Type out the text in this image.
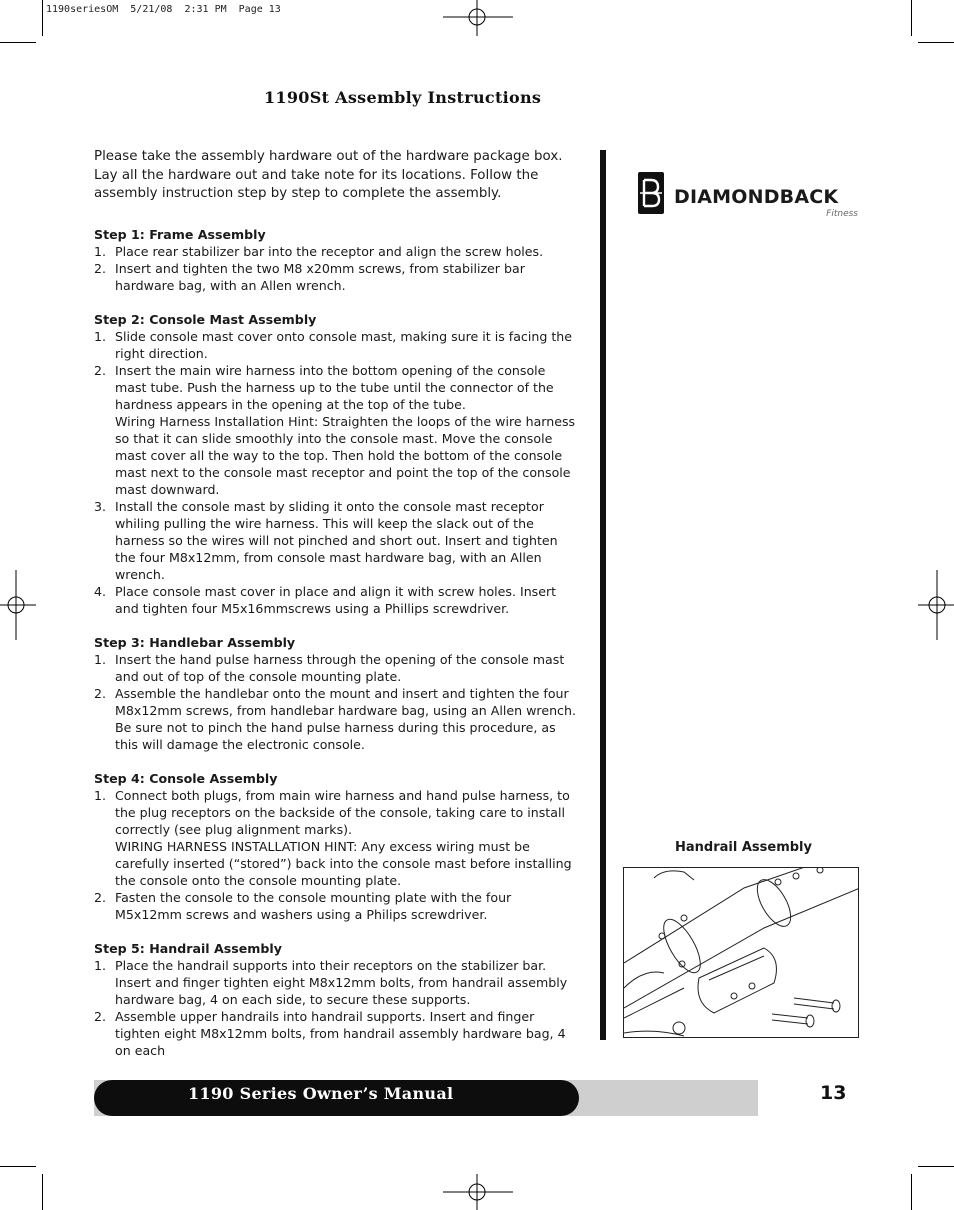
1190seriesOM  5/21/08  2:31 PM  Page 13
1190St Assembly Instructions

Please take the assembly hardware out of the hardware package box. Lay all the hardware out and take note for its locations. Follow the assembly instruction step by step to complete the assembly.

Step 1: Frame Assembly

1. Place rear stabilizer bar into the receptor and align the screw holes.
2. Insert and tighten the two M8 x20mm screws, from stabilizer bar hardware bag, with an Allen wrench.

Step 2: Console Mast Assembly

1. Slide console mast cover onto console mast, making sure it is facing the right direction.
2. Insert the main wire harness into the bottom opening of the console mast tube. Push the harness up to the tube until the connector of the hardness appears in the opening at the top of the tube.
Wiring Harness Installation Hint: Straighten the loops of the wire harness so that it can slide smoothly into the console mast. Move the console mast cover all the way to the top. Then hold the bottom of the console mast next to the console mast receptor and point the top of the console mast downward.
3. Install the console mast by sliding it onto the console mast receptor whiling pulling the wire harness. This will keep the slack out of the harness so the wires will not pinched and short out. Insert and tighten the four M8x12mm, from console mast hardware bag, with an Allen wrench.
4. Place console mast cover in place and align it with screw holes. Insert and tighten four M5x16mmscrews using a Phillips screwdriver.

Step 3: Handlebar Assembly

1. Insert the hand pulse harness through the opening of the console mast and out of top of the console mounting plate.
2. Assemble the handlebar onto the mount and insert and tighten the four M8x12mm screws, from handlebar hardware bag, using an Allen wrench. Be sure not to pinch the hand pulse harness during this procedure, as this will damage the electronic console.

Step 4: Console Assembly

1. Connect both plugs, from main wire harness and hand pulse harness, to the plug receptors on the backside of the console, taking care to install correctly (see plug alignment marks).
WIRING HARNESS INSTALLATION HINT: Any excess wiring must be carefully inserted (“stored”) back into the console mast before installing the console onto the console mounting plate.
2. Fasten the console to the console mounting plate with the four M5x12mm screws and washers using a Philips screwdriver.

Step 5: Handrail Assembly

1. Place the handrail supports into their receptors on the stabilizer bar. Insert and finger tighten eight M8x12mm bolts, from handrail assembly hardware bag, 4 on each side, to secure these supports.
2. Assemble upper handrails into handrail supports. Insert and finger tighten eight M8x12mm bolts, from handrail assembly hardware bag, 4 on each
DIAMONDBACK
Fitness
Handrail Assembly
1190 Series Owner’s Manual	13
